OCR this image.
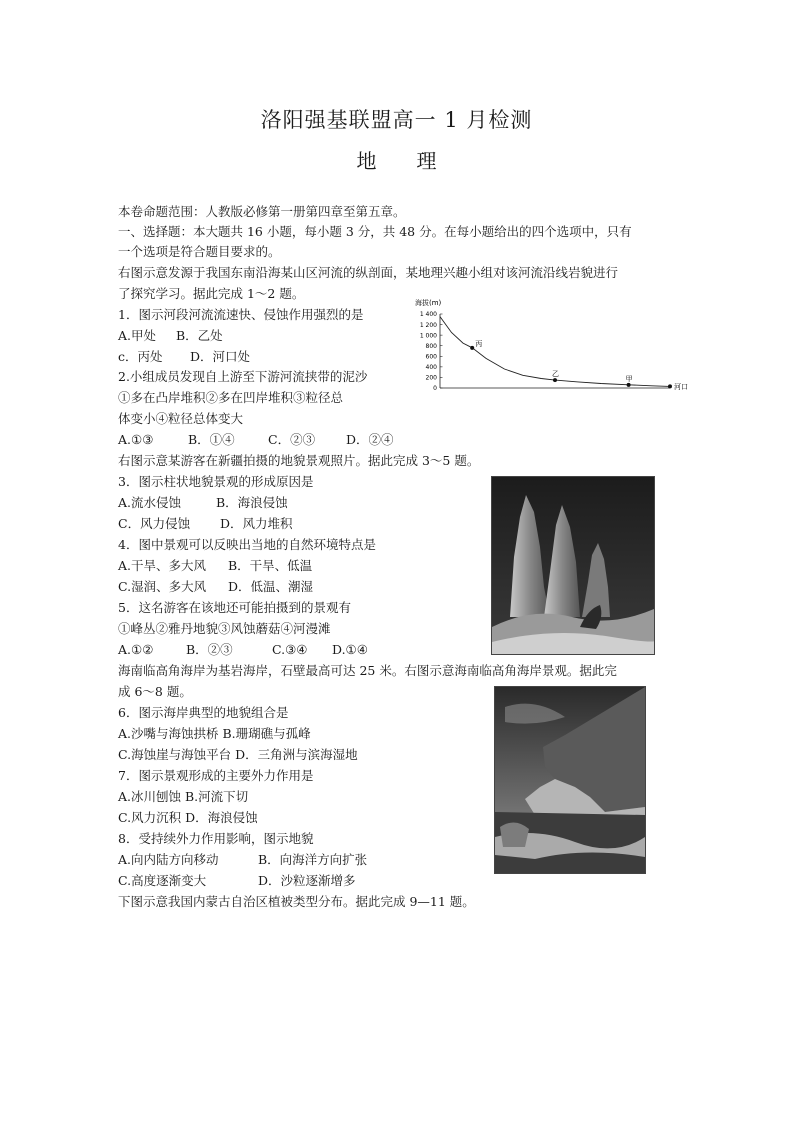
洛阳强基联盟高一 1 月检测
地　　理
本卷命题范围：人教版必修第一册第四章至第五章。
一、选择题：本大题共 16 小题，每小题 3 分，共 48 分。在每小题给出的四个选项中，只有
一个选项是符合题目要求的。
右图示意发源于我国东南沿海某山区河流的纵剖面，某地理兴趣小组对该河流沿线岩貌进行
了探究学习。据此完成 1～2 题。
海拔(m)
0
200
400
600
800
1 000
1 200
1 400
丙
乙
甲
河口
1．图示河段河流流速快、侵蚀作用强烈的是
A.甲处 B．乙处
c．丙处 D．河口处
2.小组成员发现自上游至下游河流挟带的泥沙
①多在凸岸堆积②多在凹岸堆积③粒径总
体变小④粒径总体变大
A.①③	B．①④	C．②③ D．②④
右图示意某游客在新疆拍摄的地貌景观照片。据此完成 3～5 题。
3．图示柱状地貌景观的形成原因是
A.流水侵蚀	B．海浪侵蚀
C．风力侵蚀 D．风力堆积
4．图中景观可以反映出当地的自然环境特点是
A.干旱、多大风 B．干旱、低温
C.湿润、多大风 D．低温、潮湿
5．这名游客在该地还可能拍摄到的景观有
①峰丛②雅丹地貌③风蚀蘑菇④河漫滩
A.①②	B．②③	C.③④ D.①④
海南临高角海岸为基岩海岸，石壁最高可达 25 米。右图示意海南临高角海岸景观。据此完
成 6～8 题。
6．图示海岸典型的地貌组合是
A.沙嘴与海蚀拱桥 B.珊瑚礁与孤峰
C.海蚀崖与海蚀平台 D．三角洲与滨海湿地
7．图示景观形成的主要外力作用是
A.冰川刨蚀 B.河流下切
C.风力沉积 D．海浪侵蚀
8．受持续外力作用影响，图示地貌
A.向内陆方向移动	B．向海洋方向扩张
C.高度逐渐变大	D．沙粒逐渐增多
下图示意我国内蒙古自治区植被类型分布。据此完成 9—11 题。
